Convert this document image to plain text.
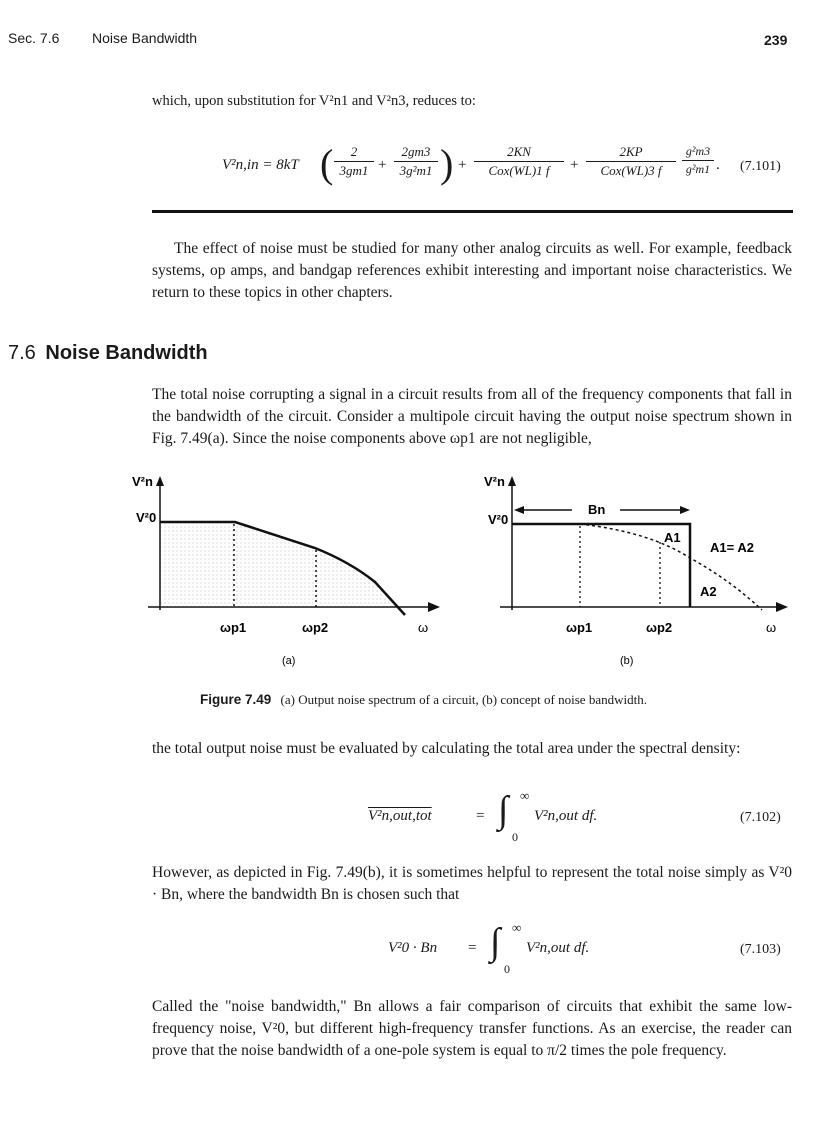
Sec. 7.6 Noise Bandwidth	239
which, upon substitution for V²n1 and V²n3, reduces to:
V²n,in = 8kT (	2
3gm1 +
2gm3
3g²m1 ) +
2KN
Cox(WL)1 f	+
2KP
Cox(WL)3 f
g²m3
g²m1 . (7.101)
The effect of noise must be studied for many other analog circuits as well. For example, feedback systems, op amps, and bandgap references exhibit interesting and important noise characteristics. We return to these topics in other chapters.
7.6 Noise Bandwidth
The total noise corrupting a signal in a circuit results from all of the frequency components that fall in the bandwidth of the circuit. Consider a multipole circuit having the output noise spectrum shown in Fig. 7.49(a). Since the noise components above ωp1 are not negligible,
V²n
V²0
ωp1	ωp2	ω
(a)
V²n
V²0
Bn
A1
A1= A2
A2
ωp1	ωp2	ω
(b)
Figure 7.49 (a) Output noise spectrum of a circuit, (b) concept of noise bandwidth.
the total output noise must be evaluated by calculating the total area under the spectral density:
V²n,out,tot	= ∫ ∞
0
V²n,out df.	(7.102)
However, as depicted in Fig. 7.49(b), it is sometimes helpful to represent the total noise simply as V²0 · Bn, where the bandwidth Bn is chosen such that
V²0 · Bn = ∫ ∞
0
V²n,out df.	(7.103)
Called the "noise bandwidth," Bn allows a fair comparison of circuits that exhibit the same low-frequency noise, V²0, but different high-frequency transfer functions. As an exercise, the reader can prove that the noise bandwidth of a one-pole system is equal to π/2 times the pole frequency.
